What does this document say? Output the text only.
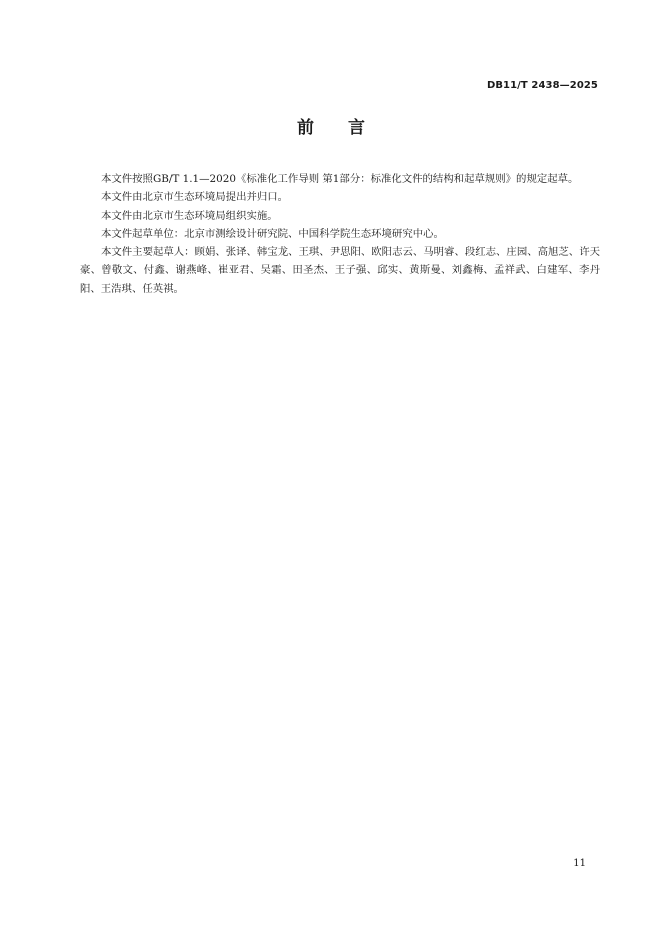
DB11/T 2438—2025
前　　言

本文件按照GB/T 1.1—2020《标准化工作导则 第1部分：标准化文件的结构和起草规则》的规定起草。

本文件由北京市生态环境局提出并归口。

本文件由北京市生态环境局组织实施。

本文件起草单位：北京市测绘设计研究院、中国科学院生态环境研究中心。

本文件主要起草人：顾娟、张译、韩宝龙、王琪、尹思阳、欧阳志云、马明睿、段红志、庄园、高旭芝、许天豪、曾敬文、付鑫、谢燕峰、崔亚君、吴霜、田圣杰、王子强、邱实、黄斯曼、刘鑫梅、孟祥武、白建军、李丹阳、王浩琪、任英祺。

11
